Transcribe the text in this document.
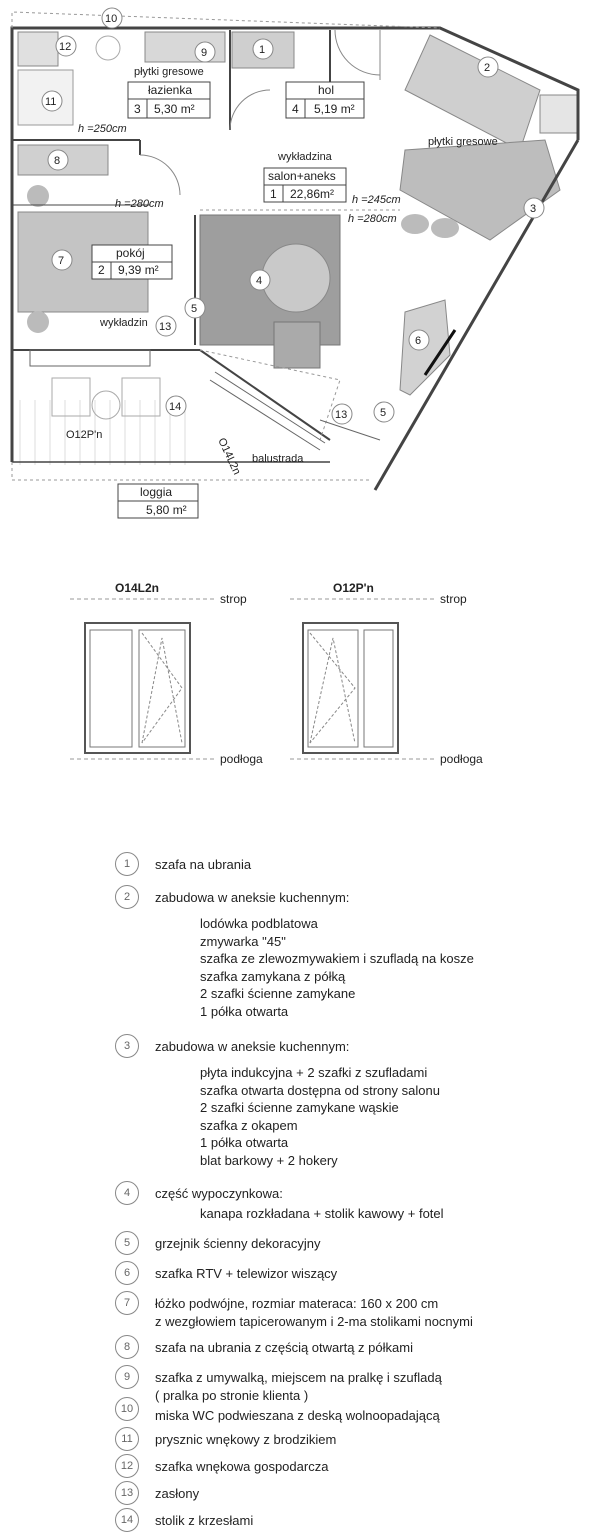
łazienka
3 5,30 m²
hol
4 5,19 m²
salon+aneks
1 22,86m²
pokój
2 9,39 m²
loggia
5,80 m²
płytki gresowe
płytki gresowe
wykładzina
wykładzin
h =250cm
h =280cm	h =245cm
h =280cm
1
2
3
4
5
5
6
7
8
9
10
11
12
13
13
14
O12P'n
O14L2n balustrada
O14L2n
strop
podłoga
O12P'n
strop
podłoga
1	szafa na ubrania
2	zabudowa w aneksie kuchennym:
lodówka podblatowa
zmywarka "45"
szafka ze zlewozmywakiem i szufladą na kosze
szafka zamykana z półką
2 szafki ścienne zamykane
1 półka otwarta
3	zabudowa w aneksie kuchennym:
płyta indukcyjna + 2 szafki z szufladami
szafka otwarta dostępna od strony salonu
2 szafki ścienne zamykane wąskie
szafka z okapem
1 półka otwarta
blat barkowy + 2 hokery
4	część wypoczynkowa:
kanapa rozkładana + stolik kawowy + fotel
5	grzejnik ścienny dekoracyjny
6	szafka RTV + telewizor wiszący
7	łóżko podwójne, rozmiar materaca: 160 x 200 cm
z wezgłowiem tapicerowanym i 2-ma stolikami nocnymi
8	szafa na ubrania z częścią otwartą z półkami
9	szafka z umywalką, miejscem na pralkę i szufladą
( pralka po stronie klienta )
10	miska WC podwieszana z deską wolnoopadającą
11	prysznic wnękowy z brodzikiem
12	szafka wnękowa gospodarcza
13	zasłony
14	stolik z krzesłami
